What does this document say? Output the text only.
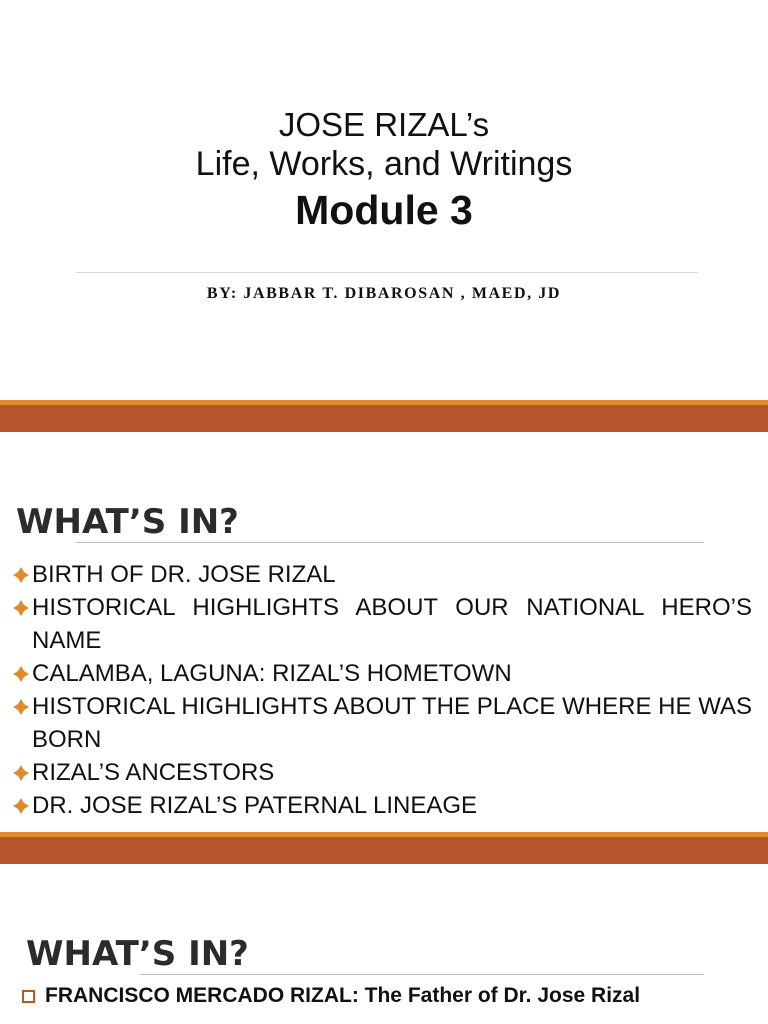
JOSE RIZAL’s
Life, Works, and Writings
Module 3
BY: JABBAR T. DIBAROSAN , MAED, JD
WHAT’S IN?
BIRTH OF DR. JOSE RIZAL
HISTORICAL HIGHLIGHTS ABOUT OUR NATIONAL HERO’S NAME
CALAMBA, LAGUNA: RIZAL’S HOMETOWN
HISTORICAL HIGHLIGHTS ABOUT THE PLACE WHERE HE WAS BORN
RIZAL’S ANCESTORS
DR. JOSE RIZAL’S PATERNAL LINEAGE
WHAT’S IN?
FRANCISCO MERCADO RIZAL: The Father of Dr. Jose Rizal
